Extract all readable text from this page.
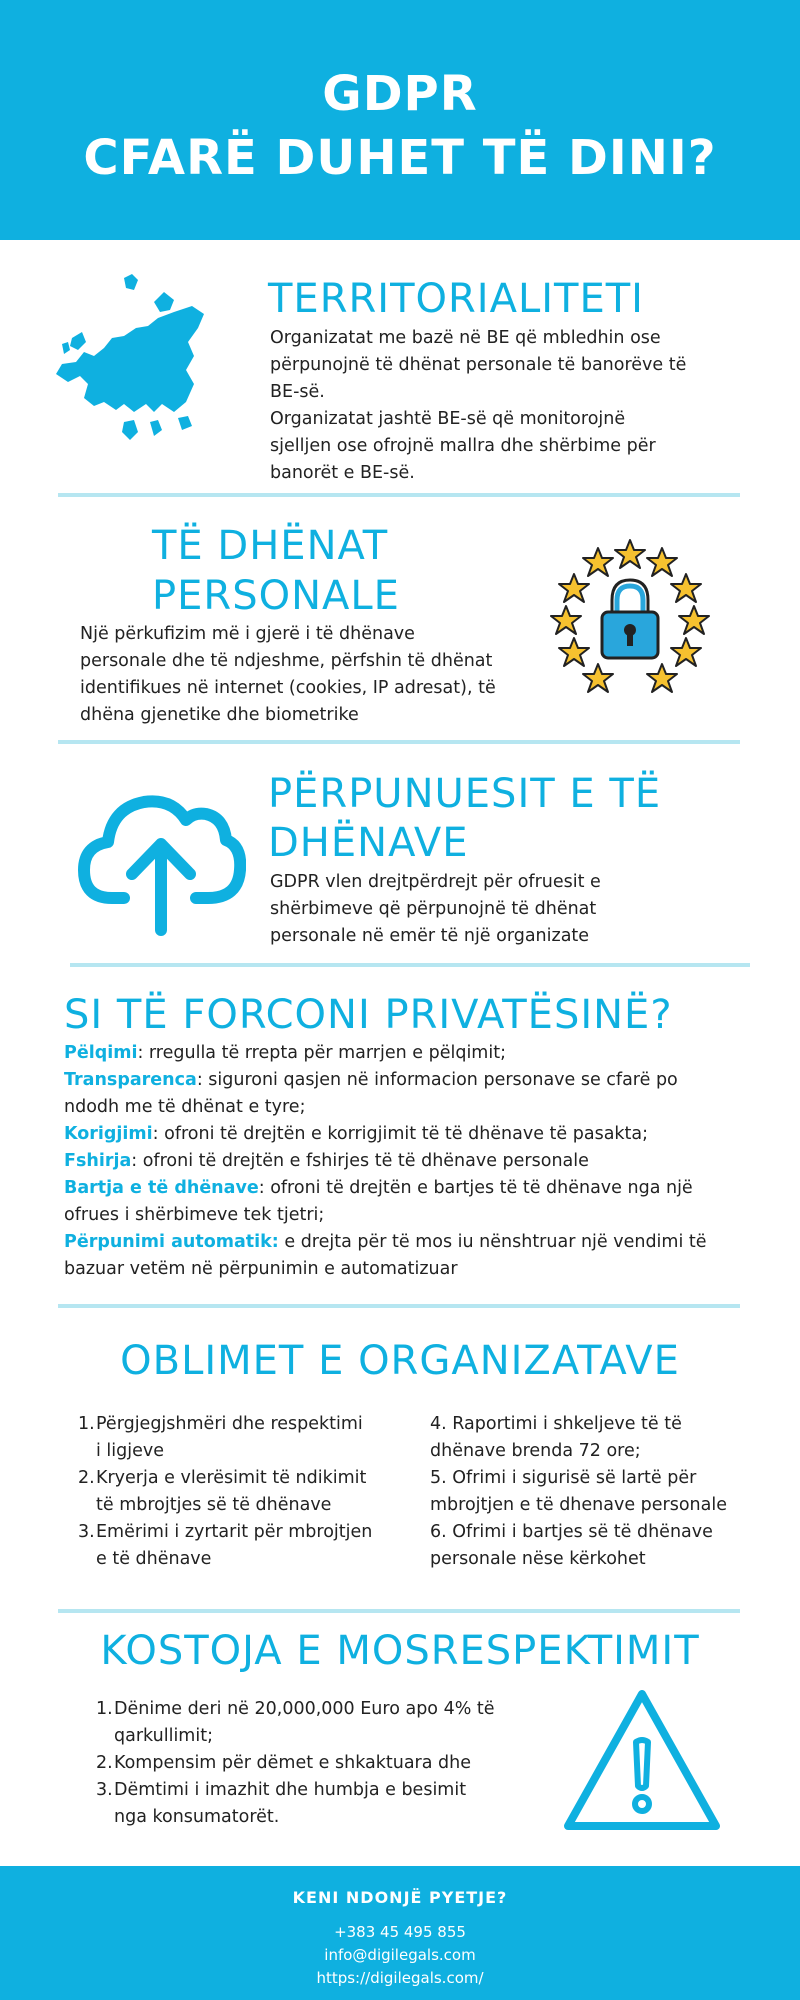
GDPR
CFARË DUHET TË DINI?
TERRITORIALITETI
Organizatat me bazë në BE që mbledhin ose
përpunojnë të dhënat personale të banorëve të
BE-së.
Organizatat jashtë BE-së që monitorojnë
sjelljen ose ofrojnë mallra dhe shërbime për
banorët e BE-së.
TË DHËNAT
PERSONALE
Një përkufizim më i gjerë i të dhënave
personale dhe të ndjeshme, përfshin të dhënat
identifikues në internet (cookies, IP adresat), të
dhëna gjenetike dhe biometrike
PËRPUNUESIT E TË
DHËNAVE
GDPR vlen drejtpërdrejt për ofruesit e
shërbimeve që përpunojnë të dhënat
personale në emër të një organizate
SI TË FORCONI PRIVATËSINË?
Pëlqimi: rregulla të rrepta për marrjen e pëlqimit;
Transparenca: siguroni qasjen në informacion personave se cfarë po
ndodh me të dhënat e tyre;
Korigjimi: ofroni të drejtën e korrigjimit të të dhënave të pasakta;
Fshirja: ofroni të drejtën e fshirjes të të dhënave personale
Bartja e të dhënave: ofroni të drejtën e bartjes të të dhënave nga një
ofrues i shërbimeve tek tjetri;
Përpunimi automatik: e drejta për të mos iu nënshtruar një vendimi të
bazuar vetëm në përpunimin e automatizuar
OBLIMET E ORGANIZATAVE
1. Përgjegjshmëri dhe respektimi
i ligjeve
2. Kryerja e vlerësimit të ndikimit
të mbrojtjes së të dhënave
3. Emërimi i zyrtarit për mbrojtjen
e të dhënave
4. Raportimi i shkeljeve të të
dhënave brenda 72 ore;
5. Ofrimi i sigurisë së lartë për
mbrojtjen e të dhenave personale
6. Ofrimi i bartjes së të dhënave
personale nëse kërkohet
KOSTOJA E MOSRESPEKTIMIT
1. Dënime deri në 20,000,000 Euro apo 4% të
qarkullimit;
2. Kompensim për dëmet e shkaktuara dhe
3. Dëmtimi i imazhit dhe humbja e besimit
nga konsumatorët.
KENI NDONJË PYETJE?
+383 45 495 855
info@digilegals.com
https://digilegals.com/
